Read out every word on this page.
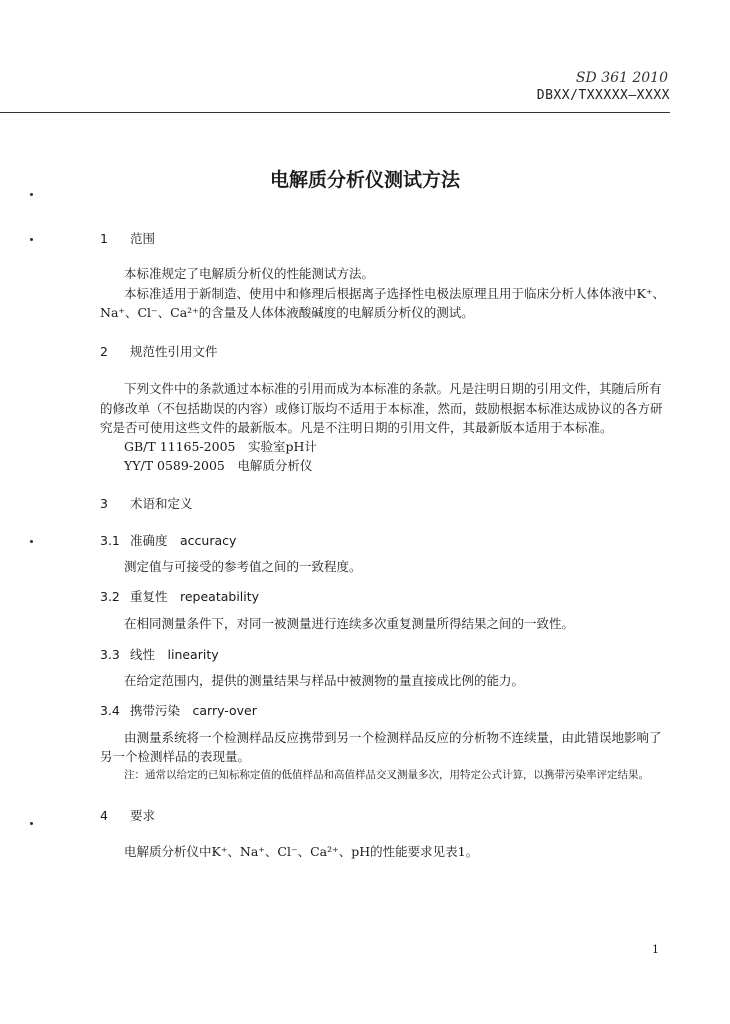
SD 361 2010
DBXX/TXXXXX—XXXX
电解质分析仪测试方法
1 范围
本标准规定了电解质分析仪的性能测试方法。
本标准适用于新制造、使用中和修理后根据离子选择性电极法原理且用于临床分析人体体液中K⁺、
Na⁺、Cl⁻、Ca²⁺的含量及人体体液酸碱度的电解质分析仪的测试。
2 规范性引用文件
下列文件中的条款通过本标准的引用而成为本标准的条款。凡是注明日期的引用文件，其随后所有
的修改单（不包括勘误的内容）或修订版均不适用于本标准，然而，鼓励根据本标准达成协议的各方研
究是否可使用这些文件的最新版本。凡是不注明日期的引用文件，其最新版本适用于本标准。
GB/T 11165-2005　实验室pH计
YY/T 0589-2005　电解质分析仪
3 术语和定义
3.1 准确度　accuracy
测定值与可接受的参考值之间的一致程度。
3.2 重复性　repeatability
在相同测量条件下，对同一被测量进行连续多次重复测量所得结果之间的一致性。
3.3 线性　linearity
在给定范围内，提供的测量结果与样品中被测物的量直接成比例的能力。
3.4 携带污染　carry-over
由测量系统将一个检测样品反应携带到另一个检测样品反应的分析物不连续量，由此错误地影响了
另一个检测样品的表现量。
注：通常以给定的已知标称定值的低值样品和高值样品交叉测量多次，用特定公式计算，以携带污染率评定结果。
4 要求
电解质分析仪中K⁺、Na⁺、Cl⁻、Ca²⁺、pH的性能要求见表1。
1
